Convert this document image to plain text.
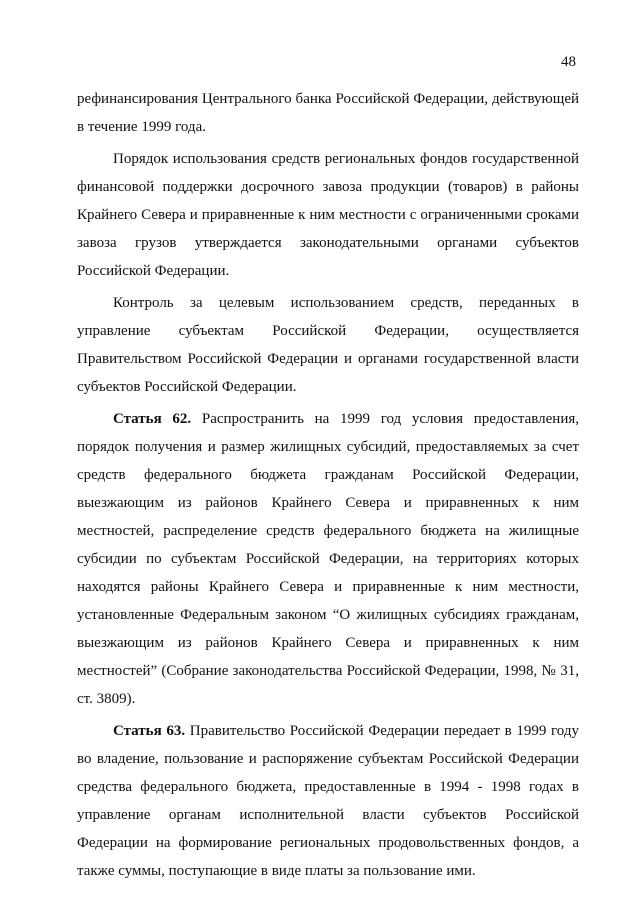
48

рефинансирования Центрального банка Российской Федерации, действующей в течение 1999 года.

Порядок использования средств региональных фондов государственной финансовой поддержки досрочного завоза продукции (товаров) в районы Крайнего Севера и приравненные к ним местности с ограниченными сроками завоза грузов утверждается законодательными органами субъектов Российской Федерации.

Контроль за целевым использованием средств, переданных в управление субъектам Российской Федерации, осуществляется Правительством Российской Федерации и органами государственной власти субъектов Российской Федерации.

Статья 62. Распространить на 1999 год условия предоставления, порядок получения и размер жилищных субсидий, предоставляемых за счет средств федерального бюджета гражданам Российской Федерации, выезжающим из районов Крайнего Севера и приравненных к ним местностей, распределение средств федерального бюджета на жилищные субсидии по субъектам Российской Федерации, на территориях которых находятся районы Крайнего Севера и приравненные к ним местности, установленные Федеральным законом “О жилищных субсидиях гражданам, выезжающим из районов Крайнего Севера и приравненных к ним местностей” (Собрание законодательства Российской Федерации, 1998, № 31, ст. 3809).

Статья 63. Правительство Российской Федерации передает в 1999 году во владение, пользование и распоряжение субъектам Российской Федерации средства федерального бюджета, предоставленные в 1994 - 1998 годах в управление органам исполнительной власти субъектов Российской Федерации на формирование региональных продовольственных фондов, а также суммы, поступающие в виде платы за пользование ими.
